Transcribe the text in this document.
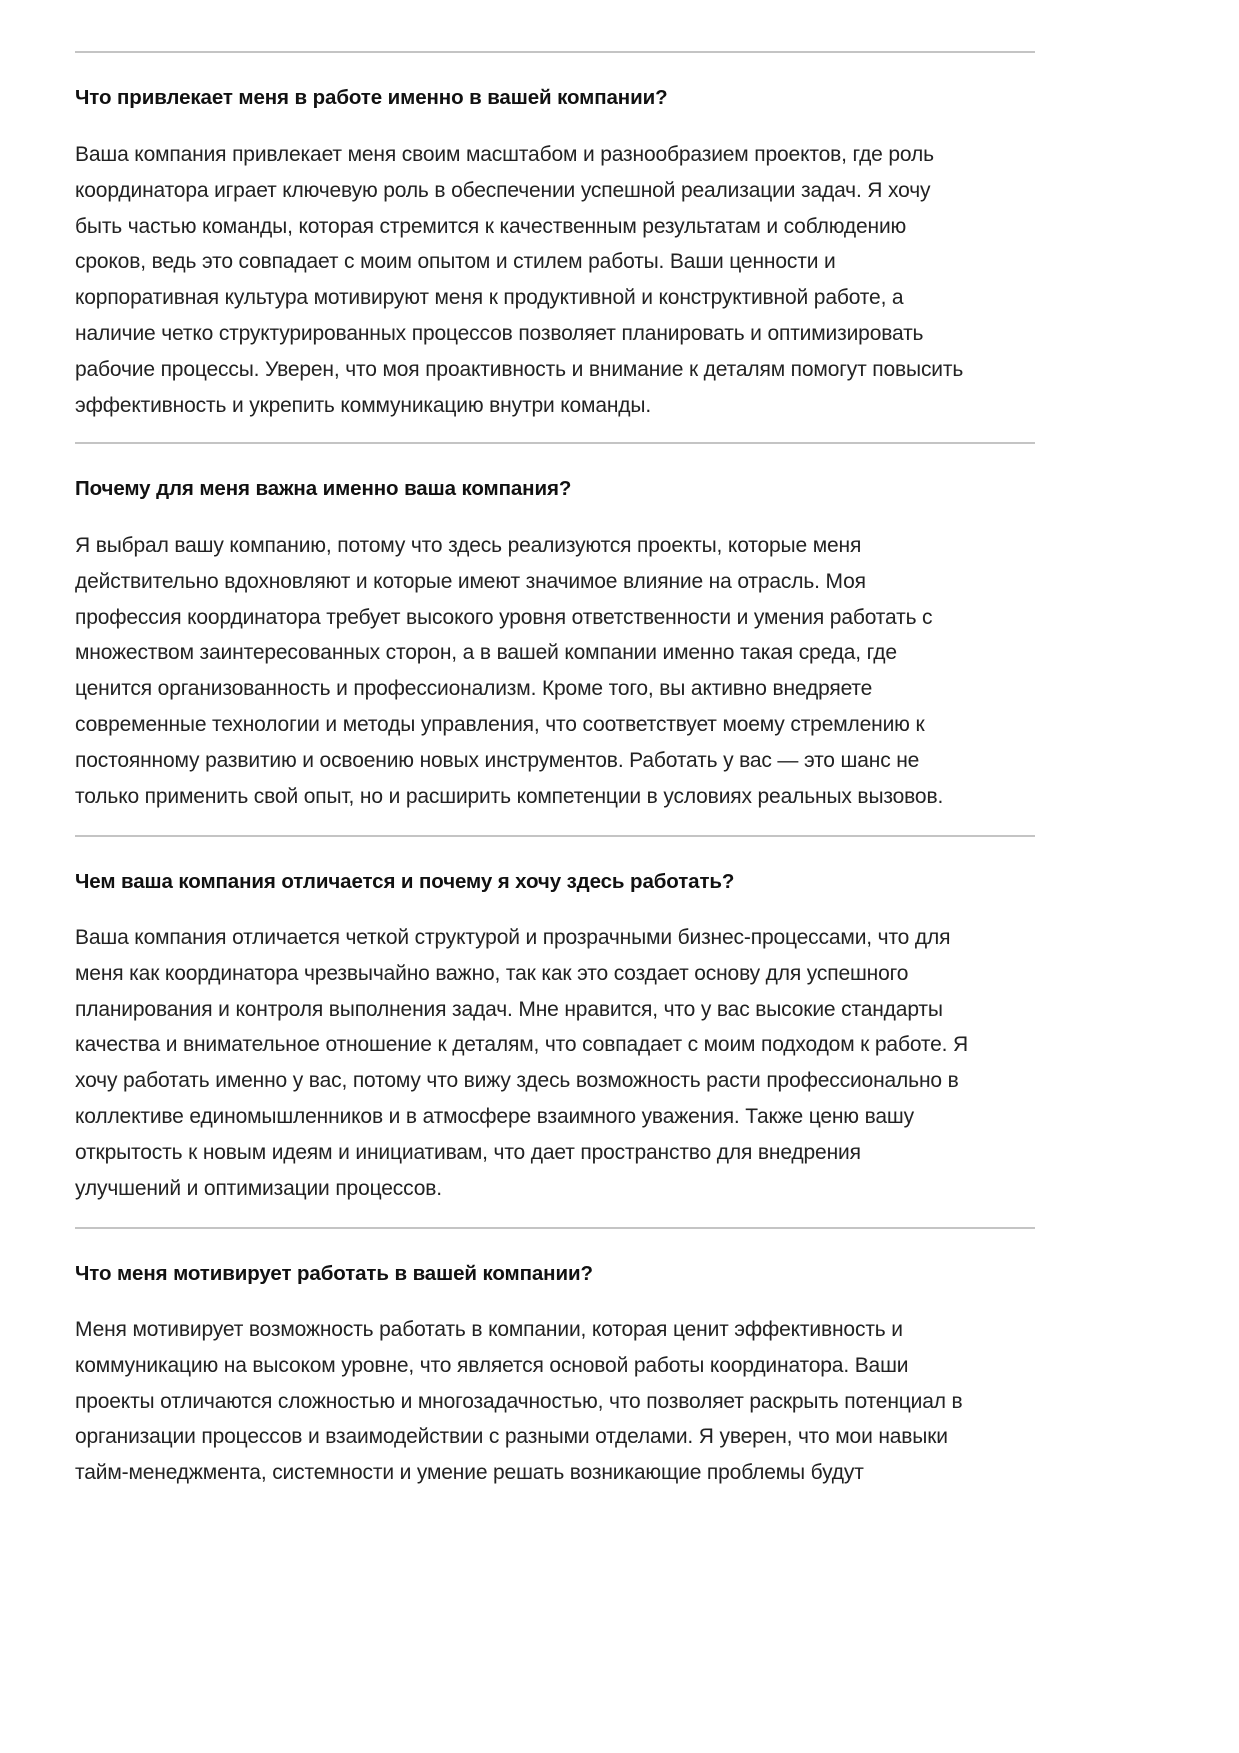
Что привлекает меня в работе именно в вашей компании?
Ваша компания привлекает меня своим масштабом и разнообразием проектов, где роль
координатора играет ключевую роль в обеспечении успешной реализации задач. Я хочу
быть частью команды, которая стремится к качественным результатам и соблюдению
сроков, ведь это совпадает с моим опытом и стилем работы. Ваши ценности и
корпоративная культура мотивируют меня к продуктивной и конструктивной работе, а
наличие четко структурированных процессов позволяет планировать и оптимизировать
рабочие процессы. Уверен, что моя проактивность и внимание к деталям помогут повысить
эффективность и укрепить коммуникацию внутри команды.
Почему для меня важна именно ваша компания?
Я выбрал вашу компанию, потому что здесь реализуются проекты, которые меня
действительно вдохновляют и которые имеют значимое влияние на отрасль. Моя
профессия координатора требует высокого уровня ответственности и умения работать с
множеством заинтересованных сторон, а в вашей компании именно такая среда, где
ценится организованность и профессионализм. Кроме того, вы активно внедряете
современные технологии и методы управления, что соответствует моему стремлению к
постоянному развитию и освоению новых инструментов. Работать у вас — это шанс не
только применить свой опыт, но и расширить компетенции в условиях реальных вызовов.
Чем ваша компания отличается и почему я хочу здесь работать?
Ваша компания отличается четкой структурой и прозрачными бизнес-процессами, что для
меня как координатора чрезвычайно важно, так как это создает основу для успешного
планирования и контроля выполнения задач. Мне нравится, что у вас высокие стандарты
качества и внимательное отношение к деталям, что совпадает с моим подходом к работе. Я
хочу работать именно у вас, потому что вижу здесь возможность расти профессионально в
коллективе единомышленников и в атмосфере взаимного уважения. Также ценю вашу
открытость к новым идеям и инициативам, что дает пространство для внедрения
улучшений и оптимизации процессов.
Что меня мотивирует работать в вашей компании?
Меня мотивирует возможность работать в компании, которая ценит эффективность и
коммуникацию на высоком уровне, что является основой работы координатора. Ваши
проекты отличаются сложностью и многозадачностью, что позволяет раскрыть потенциал в
организации процессов и взаимодействии с разными отделами. Я уверен, что мои навыки
тайм-менеджмента, системности и умение решать возникающие проблемы будут
